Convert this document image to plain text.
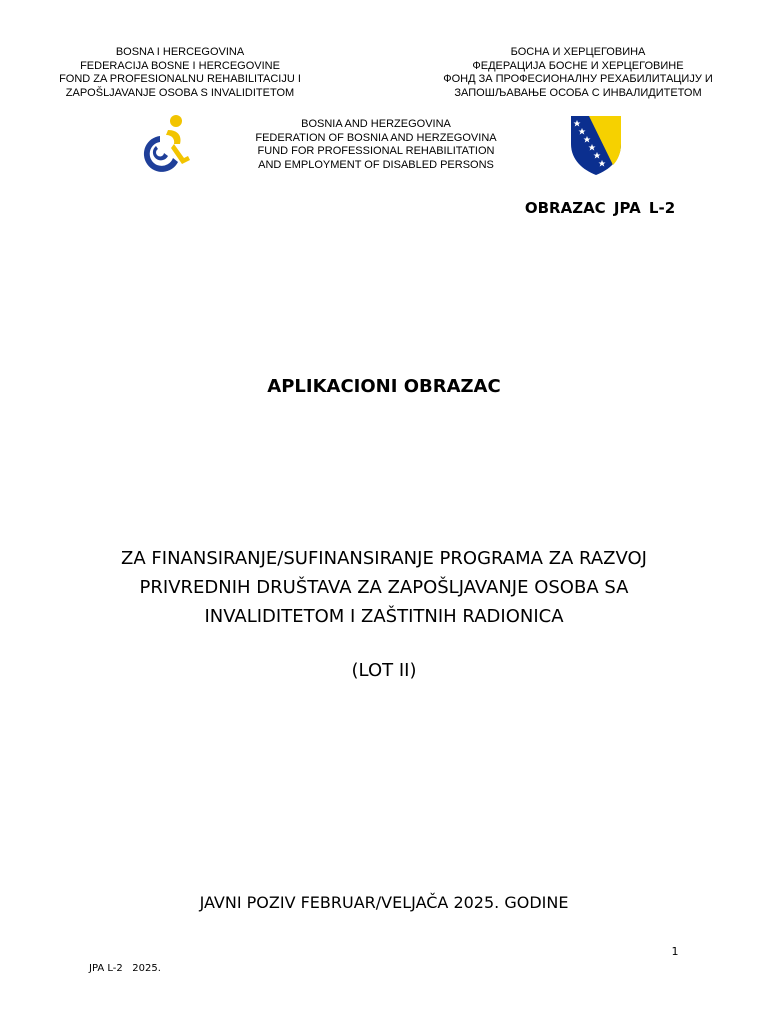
BOSNA I HERCEGOVINA
FEDERACIJA BOSNE I HERCEGOVINE
FOND ZA PROFESIONALNU REHABILITACIJU I
ZAPOŠLJAVANJE OSOBA S INVALIDITETOM
БОСНА И ХЕРЦЕГОВИНА
ФЕДЕРАЦИЈА БОСНЕ И ХЕРЦЕГОВИНЕ
ФОНД ЗА ПРОФЕСИОНАЛНУ РЕХАБИЛИТАЦИЈУ И
ЗАПОШЉАВАЊЕ ОСОБА С ИНВАЛИДИТЕТОМ
BOSNIA AND HERZEGOVINA
FEDERATION OF BOSNIA AND HERZEGOVINA
FUND FOR PROFESSIONAL REHABILITATION
AND EMPLOYMENT OF DISABLED PERSONS
OBRAZAC JPA L-2
APLIKACIONI OBRAZAC
ZA FINANSIRANJE/SUFINANSIRANJE PROGRAMA ZA RAZVOJ
PRIVREDNIH DRUŠTAVA ZA ZAPOŠLJAVANJE OSOBA SA
INVALIDITETOM I ZAŠTITNIH RADIONICA
(LOT II)
JAVNI POZIV FEBRUAR/VELJAČA 2025. GODINE
1
JPA L-2   2025.
